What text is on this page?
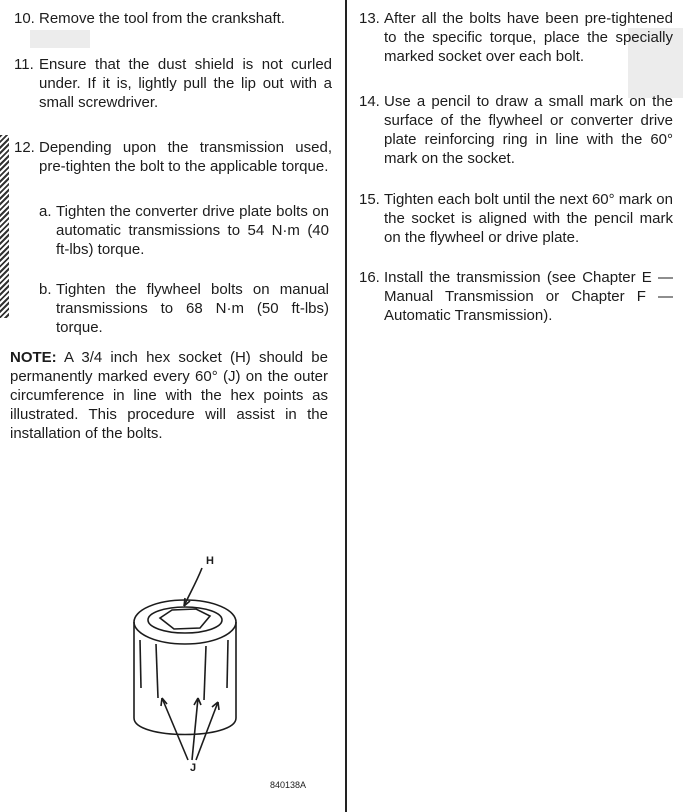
10. Remove the tool from the crankshaft.
11. Ensure that the dust shield is not curled under. If it is, lightly pull the lip out with a small screwdriver.
12. Depending upon the transmission used, pre-tighten the bolt to the applicable torque.
a. Tighten the converter drive plate bolts on automatic transmissions to 54 N·m (40 ft-lbs) torque.
b. Tighten the flywheel bolts on manual transmissions to 68 N·m (50 ft-lbs) torque.
NOTE: A 3/4 inch hex socket (H) should be permanently marked every 60° (J) on the outer circumference in line with the hex points as illustrated. This procedure will assist in the installation of the bolts.
H
J
840138A
13. After all the bolts have been pre-tightened to the specific torque, place the specially marked socket over each bolt.
14. Use a pencil to draw a small mark on the surface of the flywheel or converter drive plate reinforcing ring in line with the 60° mark on the socket.
15. Tighten each bolt until the next 60° mark on the socket is aligned with the pencil mark on the flywheel or drive plate.
16. Install the transmission (see Chapter E — Manual Transmission or Chapter F — Automatic Transmission).
